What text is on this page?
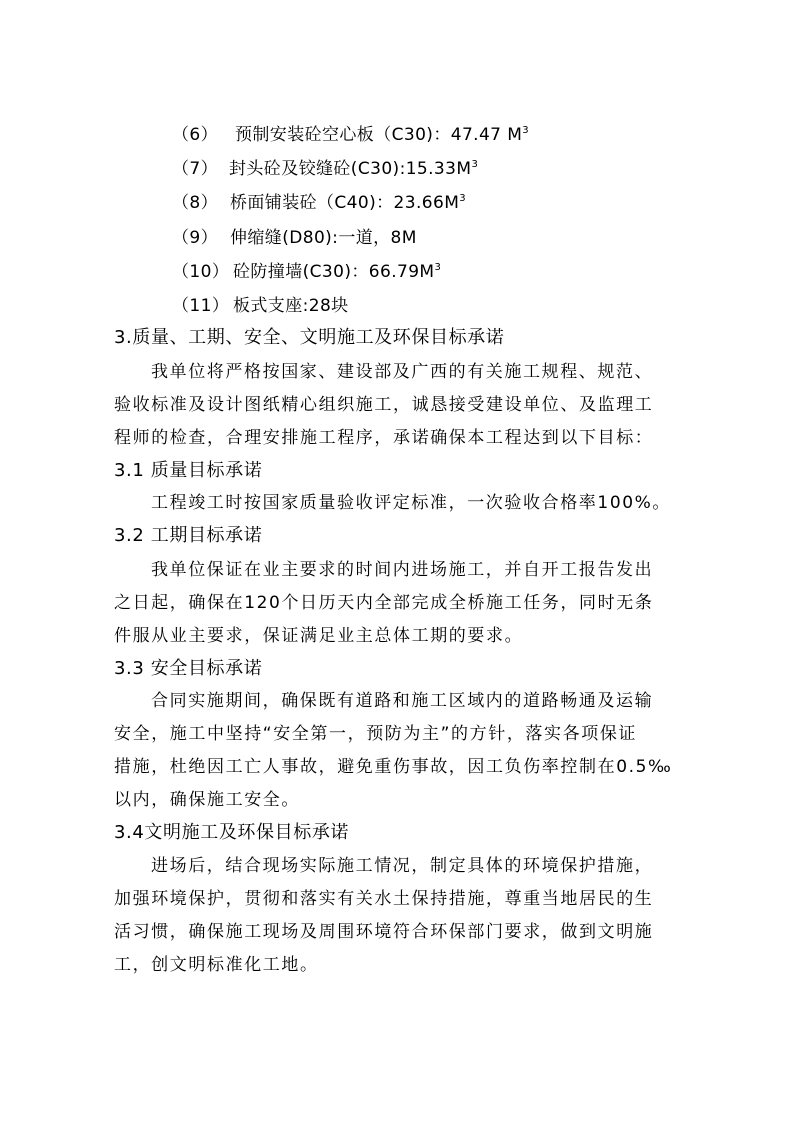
（6） 预制安装砼空心板（C30)：47.47 $M^3$
（7） 封头砼及铰缝砼$(C30):15.33M^3$
（8） 桥面铺装砼（C40)：$23.66M^3$
（9） 伸缩缝(D80):一道，8M
（10） 砼防撞墙(C30)：$66.79M^3$
（11） 板式支座:28块
3.质量、工期、安全、文明施工及环保目标承诺
我单位将严格按国家、建设部及广西的有关施工规程、规范、
验收标准及设计图纸精心组织施工，诚恳接受建设单位、及监理工
程师的检查，合理安排施工程序，承诺确保本工程达到以下目标：
3.1 质量目标承诺
工程竣工时按国家质量验收评定标准，一次验收合格率100%。
3.2 工期目标承诺
我单位保证在业主要求的时间内进场施工，并自开工报告发出
之日起，确保在120个日历天内全部完成全桥施工任务，同时无条
件服从业主要求，保证满足业主总体工期的要求。
3.3 安全目标承诺
合同实施期间，确保既有道路和施工区域内的道路畅通及运输
安全，施工中坚持“安全第一，预防为主”的方针，落实各项保证
措施，杜绝因工亡人事故，避免重伤事故，因工负伤率控制在0.5‰
以内，确保施工安全。
3.4文明施工及环保目标承诺
进场后，结合现场实际施工情况，制定具体的环境保护措施，
加强环境保护，贯彻和落实有关水土保持措施，尊重当地居民的生
活习惯，确保施工现场及周围环境符合环保部门要求，做到文明施
工，创文明标准化工地。
